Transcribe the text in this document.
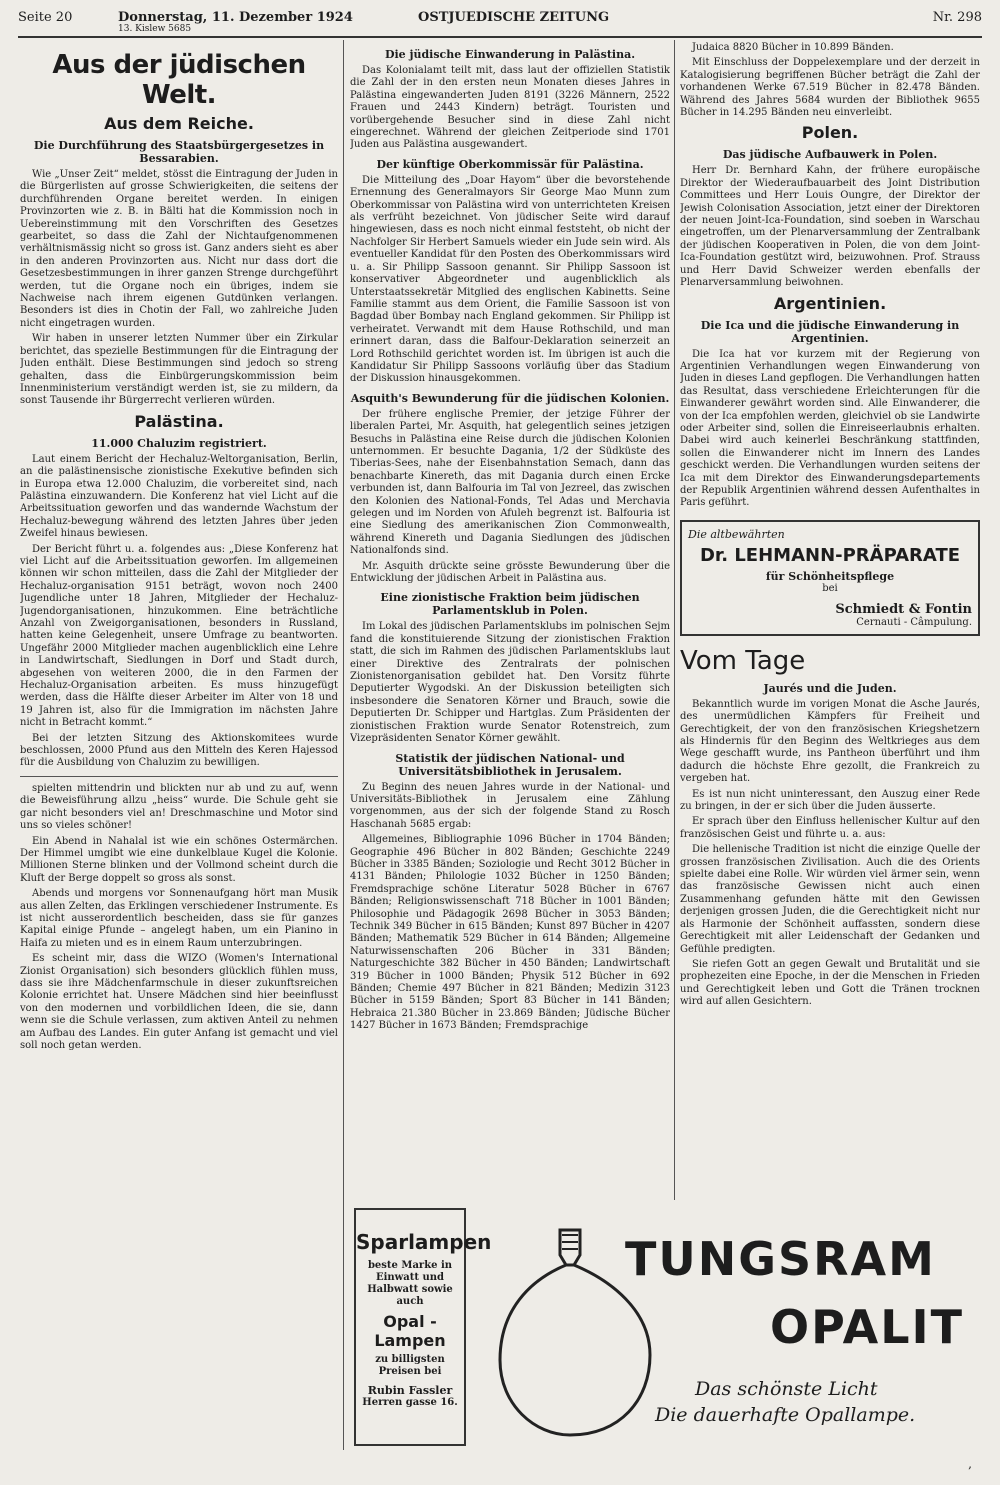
Seite 20	Donnerstag, 11. Dezember 1924
13. Kislew 5685
OSTJUEDISCHE ZEITUNG	Nr. 298
Aus der jüdischen Welt.
Aus dem Reiche.
Die Durchführung des Staatsbürgergesetzes in Bessarabien.

Wie „Unser Zeit“ meldet, stösst die Eintragung der Juden in die Bürgerlisten auf grosse Schwierigkeiten, die seitens der durchführenden Organe bereitet werden. In einigen Provinzorten wie z. B. in Bälti hat die Kommission noch in Uebereinstimmung mit den Vorschriften des Gesetzes gearbeitet, so dass die Zahl der Nichtaufgenommenen verhältnismässig nicht so gross ist. Ganz anders sieht es aber in den anderen Provinzorten aus. Nicht nur dass dort die Gesetzesbestimmungen in ihrer ganzen Strenge durchgeführt werden, tut die Organe noch ein übriges, indem sie Nachweise nach ihrem eigenen Gutdünken verlangen. Besonders ist dies in Chotin der Fall, wo zahlreiche Juden nicht eingetragen wurden.

Wir haben in unserer letzten Nummer über ein Zirkular berichtet, das spezielle Bestimmungen für die Eintragung der Juden enthält. Diese Bestimmungen sind jedoch so streng gehalten, dass die Einbürgerungskommission beim Innenministerium verständigt werden ist, sie zu mildern, da sonst Tausende ihr Bürgerrecht verlieren würden.

Palästina.
11.000 Chaluzim registriert.

Laut einem Bericht der Hechaluz-Weltorganisation, Berlin, an die palästinensische zionistische Exekutive befinden sich in Europa etwa 12.000 Chaluzim, die vorbereitet sind, nach Palästina einzuwandern. Die Konferenz hat viel Licht auf die Arbeitssituation geworfen und das wandernde Wachstum der Hechaluz-bewegung während des letzten Jahres über jeden Zweifel hinaus bewiesen.

Der Bericht führt u. a. folgendes aus: „Diese Konferenz hat viel Licht auf die Arbeitssituation geworfen. Im allgemeinen können wir schon mitteilen, dass die Zahl der Mitglieder der Hechaluz-organisation 9151 beträgt, wovon noch 2400 Jugendliche unter 18 Jahren, Mitglieder der Hechaluz-Jugendorganisationen, hinzukommen. Eine beträchtliche Anzahl von Zweigorganisationen, besonders in Russland, hatten keine Gelegenheit, unsere Umfrage zu beantworten. Ungefähr 2000 Mitglieder machen augenblicklich eine Lehre in Landwirtschaft, Siedlungen in Dorf und Stadt durch, abgesehen von weiteren 2000, die in den Farmen der Hechaluz-Organisation arbeiten. Es muss hinzugefügt werden, dass die Hälfte dieser Arbeiter im Alter von 18 und 19 Jahren ist, also für die Immigration im nächsten Jahre nicht in Betracht kommt.“

Bei der letzten Sitzung des Aktionskomitees wurde beschlossen, 2000 Pfund aus den Mitteln des Keren Hajessod für die Ausbildung von Chaluzim zu bewilligen.

spielten mittendrin und blickten nur ab und zu auf, wenn die Beweisführung allzu „heiss“ wurde. Die Schule geht sie gar nicht besonders viel an! Dreschmaschine und Motor sind uns so vieles schöner!

Ein Abend in Nahalal ist wie ein schönes Ostermärchen. Der Himmel umgibt wie eine dunkelblaue Kugel die Kolonie. Millionen Sterne blinken und der Vollmond scheint durch die Kluft der Berge doppelt so gross als sonst.

Abends und morgens vor Sonnenaufgang hört man Musik aus allen Zelten, das Erklingen verschiedener Instrumente. Es ist nicht ausserordentlich bescheiden, dass sie für ganzes Kapital einige Pfunde – angelegt haben, um ein Pianino in Haifa zu mieten und es in einem Raum unterzubringen.

Es scheint mir, dass die WIZO (Women's International Zionist Organisation) sich besonders glücklich fühlen muss, dass sie ihre Mädchenfarmschule in dieser zukunftsreichen Kolonie errichtet hat. Unsere Mädchen sind hier beeinflusst von den modernen und vorbildlichen Ideen, die sie, dann wenn sie die Schule verlassen, zum aktiven Anteil zu nehmen am Aufbau des Landes. Ein guter Anfang ist gemacht und viel soll noch getan werden.

Die jüdische Einwanderung in Palästina.

Das Kolonialamt teilt mit, dass laut der offiziellen Statistik die Zahl der in den ersten neun Monaten dieses Jahres in Palästina eingewanderten Juden 8191 (3226 Männern, 2522 Frauen und 2443 Kindern) beträgt. Touristen und vorübergehende Besucher sind in diese Zahl nicht eingerechnet. Während der gleichen Zeitperiode sind 1701 Juden aus Palästina ausgewandert.

Der künftige Oberkommissär für Palästina.

Die Mitteilung des „Doar Hayom“ über die bevorstehende Ernennung des Generalmayors Sir George Mao Munn zum Oberkommissar von Palästina wird von unterrichteten Kreisen als verfrüht bezeichnet. Von jüdischer Seite wird darauf hingewiesen, dass es noch nicht einmal feststeht, ob nicht der Nachfolger Sir Herbert Samuels wieder ein Jude sein wird. Als eventueller Kandidat für den Posten des Oberkommissars wird u. a. Sir Philipp Sassoon genannt. Sir Philipp Sassoon ist konservativer Abgeordneter und augenblicklich als Unterstaatssekretär Mitglied des englischen Kabinetts. Seine Familie stammt aus dem Orient, die Familie Sassoon ist von Bagdad über Bombay nach England gekommen. Sir Philipp ist verheiratet. Verwandt mit dem Hause Rothschild, und man erinnert daran, dass die Balfour-Deklaration seinerzeit an Lord Rothschild gerichtet worden ist. Im übrigen ist auch die Kandidatur Sir Philipp Sassoons vorläufig über das Stadium der Diskussion hinausgekommen.

Asquith's Bewunderung für die jüdischen Kolonien.

Der frühere englische Premier, der jetzige Führer der liberalen Partei, Mr. Asquith, hat gelegentlich seines jetzigen Besuchs in Palästina eine Reise durch die jüdischen Kolonien unternommen. Er besuchte Dagania, 1/2 der Südküste des Tiberias-Sees, nahe der Eisenbahnstation Semach, dann das benachbarte Kinereth, das mit Dagania durch einen Ercke verbunden ist, dann Balfouria im Tal von Jezreel, das zwischen den Kolonien des National-Fonds, Tel Adas und Merchavia gelegen und im Norden von Afuleh begrenzt ist. Balfouria ist eine Siedlung des amerikanischen Zion Commonwealth, während Kinereth und Dagania Siedlungen des jüdischen Nationalfonds sind.

Mr. Asquith drückte seine grösste Bewunderung über die Entwicklung der jüdischen Arbeit in Palästina aus.

Eine zionistische Fraktion beim jüdischen Parlamentsklub in Polen.

Im Lokal des jüdischen Parlamentsklubs im polnischen Sejm fand die konstituierende Sitzung der zionistischen Fraktion statt, die sich im Rahmen des jüdischen Parlamentsklubs laut einer Direktive des Zentralrats der polnischen Zionistenorganisation gebildet hat. Den Vorsitz führte Deputierter Wygodski. An der Diskussion beteiligten sich insbesondere die Senatoren Körner und Brauch, sowie die Deputierten Dr. Schipper und Hartglas. Zum Präsidenten der zionistischen Fraktion wurde Senator Rotenstreich, zum Vizepräsidenten Senator Körner gewählt.

Statistik der jüdischen National- und Universitätsbibliothek in Jerusalem.

Zu Beginn des neuen Jahres wurde in der National- und Universitäts-Bibliothek in Jerusalem eine Zählung vorgenommen, aus der sich der folgende Stand zu Rosch Haschanah 5685 ergab:

Allgemeines, Bibliographie 1096 Bücher in 1704 Bänden; Geographie 496 Bücher in 802 Bänden; Geschichte 2249 Bücher in 3385 Bänden; Soziologie und Recht 3012 Bücher in 4131 Bänden; Philologie 1032 Bücher in 1250 Bänden; Fremdsprachige schöne Literatur 5028 Bücher in 6767 Bänden; Religionswissenschaft 718 Bücher in 1001 Bänden; Philosophie und Pädagogik 2698 Bücher in 3053 Bänden; Technik 349 Bücher in 615 Bänden; Kunst 897 Bücher in 4207 Bänden; Mathematik 529 Bücher in 614 Bänden; Allgemeine Naturwissenschaften 206 Bücher in 331 Bänden; Naturgeschichte 382 Bücher in 450 Bänden; Landwirtschaft 319 Bücher in 1000 Bänden; Physik 512 Bücher in 692 Bänden; Chemie 497 Bücher in 821 Bänden; Medizin 3123 Bücher in 5159 Bänden; Sport 83 Bücher in 141 Bänden; Hebraica 21.380 Bücher in 23.869 Bänden; Jüdische Bücher 1427 Bücher in 1673 Bänden; Fremdsprachige

Judaica 8820 Bücher in 10.899 Bänden.

Mit Einschluss der Doppelexemplare und der derzeit in Katalogisierung begriffenen Bücher beträgt die Zahl der vorhandenen Werke 67.519 Bücher in 82.478 Bänden. Während des Jahres 5684 wurden der Bibliothek 9655 Bücher in 14.295 Bänden neu einverleibt.

Polen.
Das jüdische Aufbauwerk in Polen.

Herr Dr. Bernhard Kahn, der frühere europäische Direktor der Wiederaufbauarbeit des Joint Distribution Committees und Herr Louis Oungre, der Direktor der Jewish Colonisation Association, jetzt einer der Direktoren der neuen Joint-Ica-Foundation, sind soeben in Warschau eingetroffen, um der Plenarversammlung der Zentralbank der jüdischen Kooperativen in Polen, die von dem Joint-Ica-Foundation gestützt wird, beizuwohnen. Prof. Strauss und Herr David Schweizer werden ebenfalls der Plenarversammlung beiwohnen.

Argentinien.
Die Ica und die jüdische Einwanderung in Argentinien.

Die Ica hat vor kurzem mit der Regierung von Argentinien Verhandlungen wegen Einwanderung von Juden in dieses Land gepflogen. Die Verhandlungen hatten das Resultat, dass verschiedene Erleichterungen für die Einwanderer gewährt worden sind. Alle Einwanderer, die von der Ica empfohlen werden, gleichviel ob sie Landwirte oder Arbeiter sind, sollen die Einreiseerlaubnis erhalten. Dabei wird auch keinerlei Beschränkung stattfinden, sollen die Einwanderer nicht im Innern des Landes geschickt werden. Die Verhandlungen wurden seitens der Ica mit dem Direktor des Einwanderungsdepartements der Republik Argentinien während dessen Aufenthaltes in Paris geführt.

Die altbewährten
Dr. LEHMANN-PRÄPARATE
für Schönheitspflege
bei
Schmiedt & Fontin
Cernauti - Câmpulung.
Vom Tage
Jaurés und die Juden.

Bekanntlich wurde im vorigen Monat die Asche Jaurés, des unermüdlichen Kämpfers für Freiheit und Gerechtigkeit, der von den französischen Kriegshetzern als Hindernis für den Beginn des Weltkrieges aus dem Wege geschafft wurde, ins Pantheon überführt und ihm dadurch die höchste Ehre gezollt, die Frankreich zu vergeben hat.

Es ist nun nicht uninteressant, den Auszug einer Rede zu bringen, in der er sich über die Juden äusserte.

Er sprach über den Einfluss hellenischer Kultur auf den französischen Geist und führte u. a. aus:

Die hellenische Tradition ist nicht die einzige Quelle der grossen französischen Zivilisation. Auch die des Orients spielte dabei eine Rolle. Wir würden viel ärmer sein, wenn das französische Gewissen nicht auch einen Zusammenhang gefunden hätte mit den Gewissen derjenigen grossen Juden, die die Gerechtigkeit nicht nur als Harmonie der Schönheit auffassten, sondern diese Gerechtigkeit mit aller Leidenschaft der Gedanken und Gefühle predigten.

Sie riefen Gott an gegen Gewalt und Brutalität und sie prophezeiten eine Epoche, in der die Menschen in Frieden und Gerechtigkeit leben und Gott die Tränen trocknen wird auf allen Gesichtern.

Sparlampen
beste Marke in Einwatt und Halbwatt sowie auch
Opal - Lampen
zu billigsten Preisen bei
Rubin Fassler
Herren gasse 16.
TUNGSRAM
OPALIT
Das schönste Licht
Die dauerhafte Opallampe.
,
